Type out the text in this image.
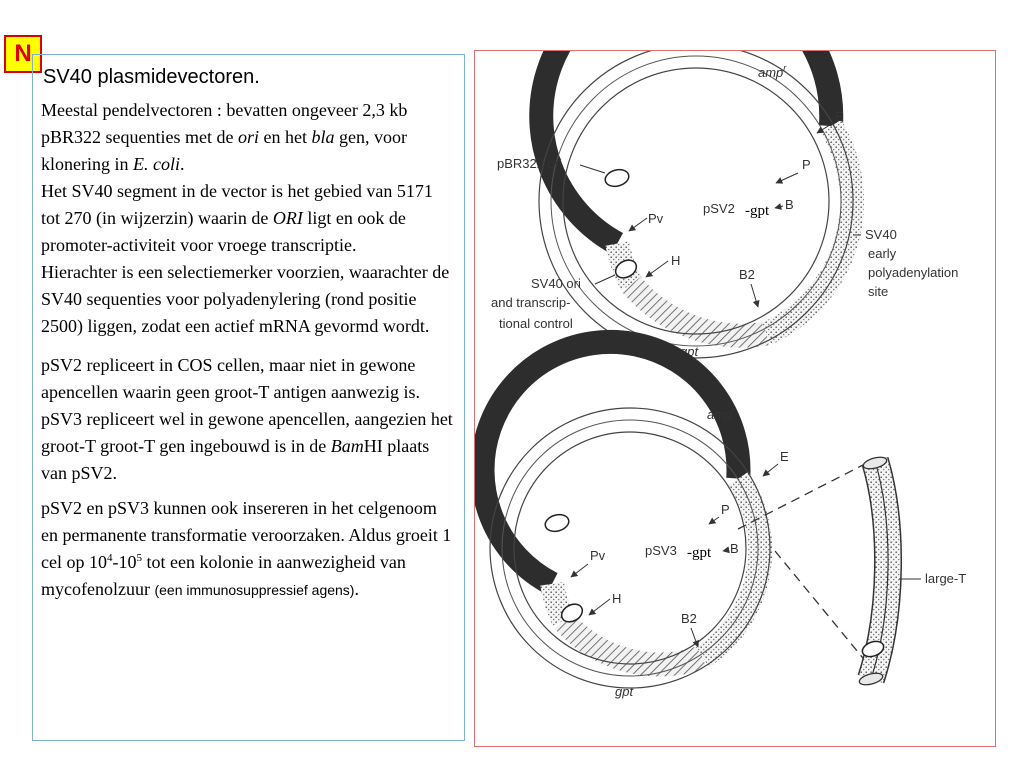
N
SV40 plasmidevectoren.
Meestal pendelvectoren : bevatten ongeveer 2,3 kb pBR322 sequenties met de ori en het bla gen, voor klonering in E. coli.
Het SV40 segment in de vector is het gebied van 5171 tot 270 (in wijzerzin) waarin de ORI ligt en ook de promoter-activiteit voor vroege transcriptie.
Hierachter is een selectiemerker voorzien, waarachter de SV40 sequenties voor polyadenylering (rond positie 2500) liggen, zodat een actief mRNA gevormd wordt.
pSV2 repliceert in COS cellen, maar niet in gewone apencellen waarin geen groot-T antigen aanwezig is. pSV3 repliceert wel in gewone apencellen, aangezien het groot-T groot-T gen ingebouwd is in de BamHI plaats van pSV2.
pSV2 en pSV3 kunnen ook insereren in het celgenoom en permanente transformatie veroorzaken. Aldus groeit 1 cel op $10^4-10^5$ tot een kolonie in aanwezigheid van mycofenolzuur (een immunosuppressief agens).
amp$^r$
E
P
B
pBR322 ori
Pv
H
B2
pSV2 -gpt
SV40
early
polyadenylation
site
SV40 ori
and transcrip-
tional control
gpt
amp$^r$
E
P
B
Pv
H
B2
pSV3 -gpt
gpt
large-T
